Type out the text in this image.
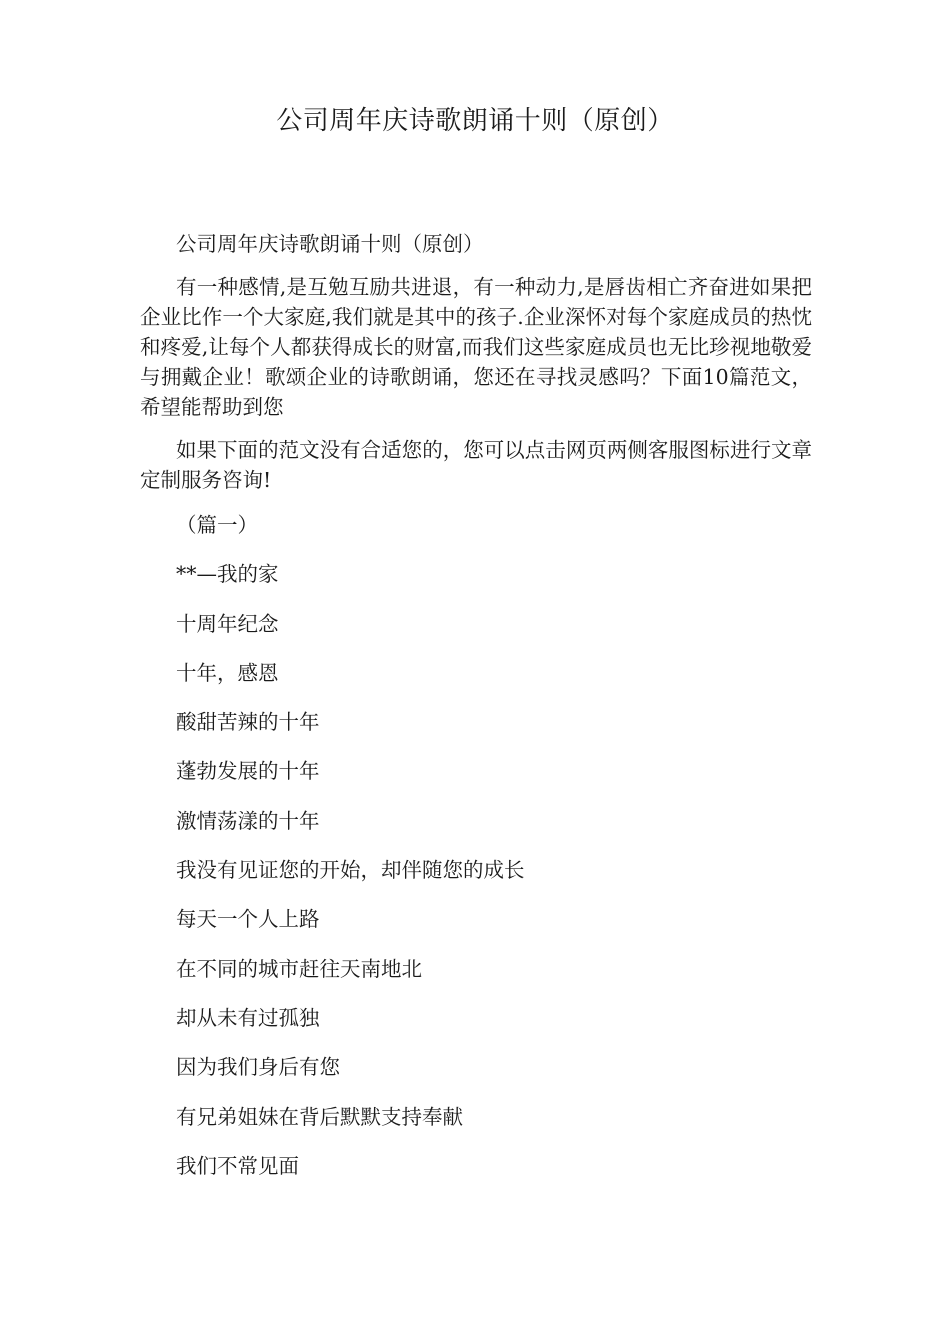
公司周年庆诗歌朗诵十则（原创）

公司周年庆诗歌朗诵十则（原创）

有一种感情,是互勉互励共进退，有一种动力,是唇齿相亡齐奋进如果把企业比作一个大家庭,我们就是其中的孩子.企业深怀对每个家庭成员的热忱和疼爱,让每个人都获得成长的财富,而我们这些家庭成员也无比珍视地敬爱与拥戴企业！歌颂企业的诗歌朗诵，您还在寻找灵感吗？下面10篇范文，希望能帮助到您

如果下面的范文没有合适您的，您可以点击网页两侧客服图标进行文章定制服务咨询!

（篇一）

**—我的家

十周年纪念

十年，感恩

酸甜苦辣的十年

蓬勃发展的十年

激情荡漾的十年

我没有见证您的开始，却伴随您的成长

每天一个人上路

在不同的城市赶往天南地北

却从未有过孤独

因为我们身后有您

有兄弟姐妹在背后默默支持奉献

我们不常见面
